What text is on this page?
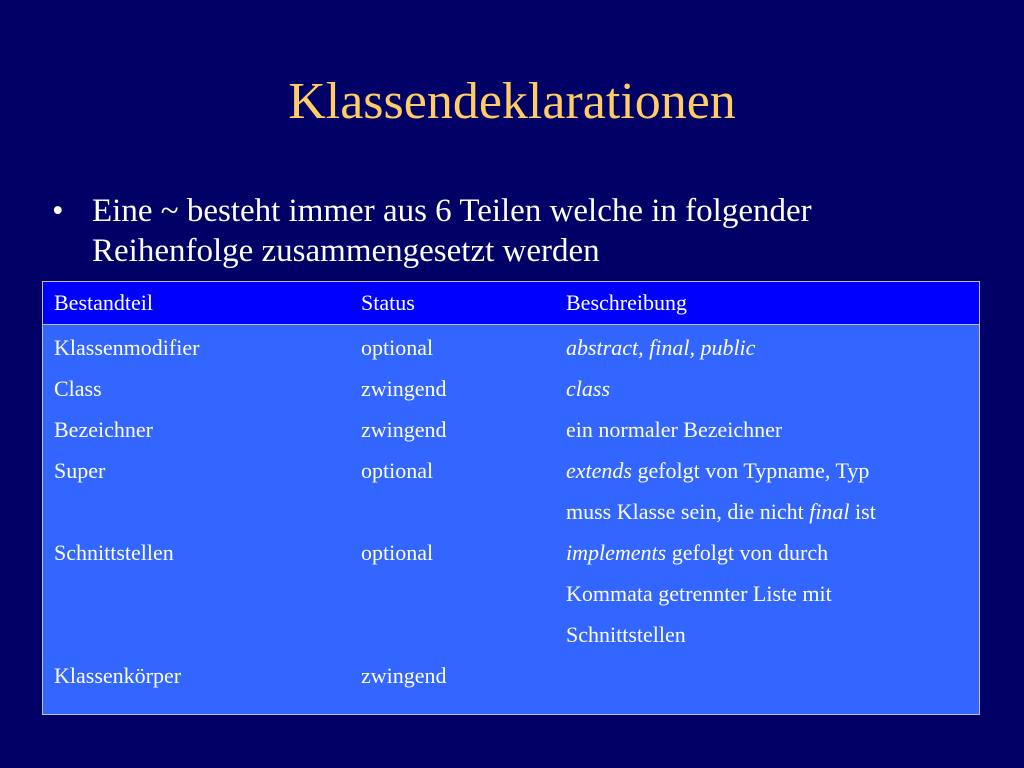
Klassendeklarationen
• Eine ~ besteht immer aus 6 Teilen welche in folgender
Reihenfolge zusammengesetzt werden
Bestandteil	Status	Beschreibung
Klassenmodifier	optional	abstract, final, public
Class	zwingend	class
Bezeichner	zwingend	ein normaler Bezeichner
Super	optional	extends gefolgt von Typname, Typ
muss Klasse sein, die nicht final ist
Schnittstellen	optional	implements gefolgt von durch
Kommata getrennter Liste mit
Schnittstellen
Klassenkörper	zwingend
